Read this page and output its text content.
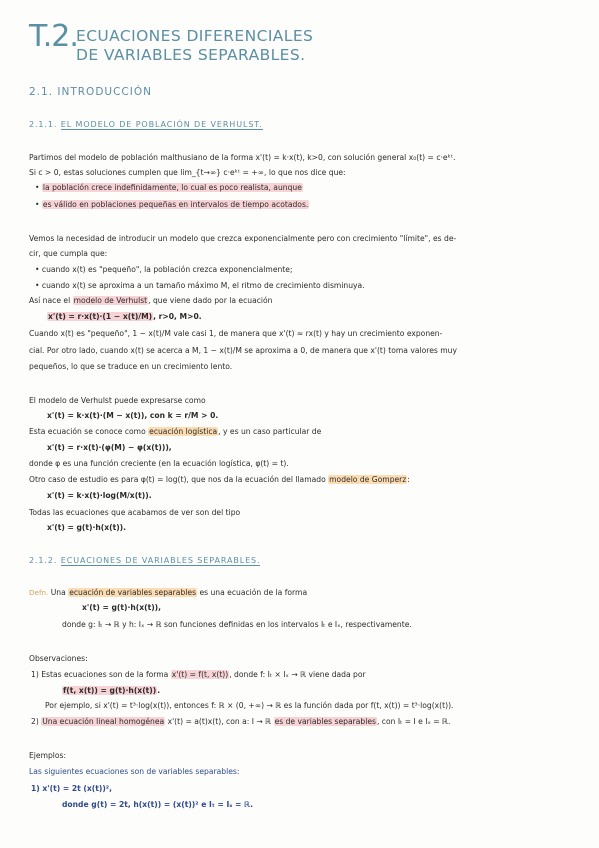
T.2.
ECUACIONES DIFERENCIALES
DE VARIABLES SEPARABLES.
2.1. INTRODUCCIÓN
2.1.1. EL MODELO DE POBLACIÓN DE VERHULST.
Partimos del modelo de población malthusiano de la forma x'(t) = k·x(t), k>0, con solución general x₀(t) = c·eᵏᵗ.
Si c > 0, estas soluciones cumplen que lim_{t→∞} c·eᵏᵗ = +∞, lo que nos dice que:
• la población crece indefinidamente, lo cual es poco realista, aunque
• es válido en poblaciones pequeñas en intervalos de tiempo acotados.
Vemos la necesidad de introducir un modelo que crezca exponencialmente pero con crecimiento "límite", es de-
cir, que cumpla que:
• cuando x(t) es "pequeño", la población crezca exponencialmente;
• cuando x(t) se aproxima a un tamaño máximo M, el ritmo de crecimiento disminuya.
Así nace el modelo de Verhulst, que viene dado por la ecuación
x'(t) = r·x(t)·(1 − x(t)/M), r>0, M>0.
Cuando x(t) es "pequeño", 1 − x(t)/M vale casi 1, de manera que x'(t) ≈ rx(t) y hay un crecimiento exponen-
cial. Por otro lado, cuando x(t) se acerca a M, 1 − x(t)/M se aproxima a 0, de manera que x'(t) toma valores muy
pequeños, lo que se traduce en un crecimiento lento.
El modelo de Verhulst puede expresarse como
x'(t) = k·x(t)·(M − x(t)), con k = r/M > 0.
Esta ecuación se conoce como ecuación logística, y es un caso particular de
x'(t) = r·x(t)·(φ(M) − φ(x(t))),
donde φ es una función creciente (en la ecuación logística, φ(t) = t).
Otro caso de estudio es para φ(t) = log(t), que nos da la ecuación del llamado modelo de Gomperz:
x'(t) = k·x(t)·log(M/x(t)).
Todas las ecuaciones que acabamos de ver son del tipo
x'(t) = g(t)·h(x(t)).
2.1.2. ECUACIONES DE VARIABLES SEPARABLES.
Defn. Una ecuación de variables separables es una ecuación de la forma
x'(t) = g(t)·h(x(t)),
donde g: Iₜ → ℝ y h: Iₓ → ℝ son funciones definidas en los intervalos Iₜ e Iₓ, respectivamente.
Observaciones:
1) Estas ecuaciones son de la forma x'(t) = f(t, x(t)), donde f: Iₜ × Iₓ → ℝ viene dada por
f(t, x(t)) = g(t)·h(x(t)).
Por ejemplo, si x'(t) = t³·log(x(t)), entonces f: ℝ × (0, +∞) → ℝ es la función dada por f(t, x(t)) = t³·log(x(t)).
2) Una ecuación lineal homogénea x'(t) = a(t)x(t), con a: I → ℝ es de variables separables, con Iₜ = I e Iₓ = ℝ.
Ejemplos:
Las siguientes ecuaciones son de variables separables:
1) x'(t) = 2t (x(t))²,
donde g(t) = 2t, h(x(t)) = (x(t))² e Iₜ = Iₓ = ℝ.
